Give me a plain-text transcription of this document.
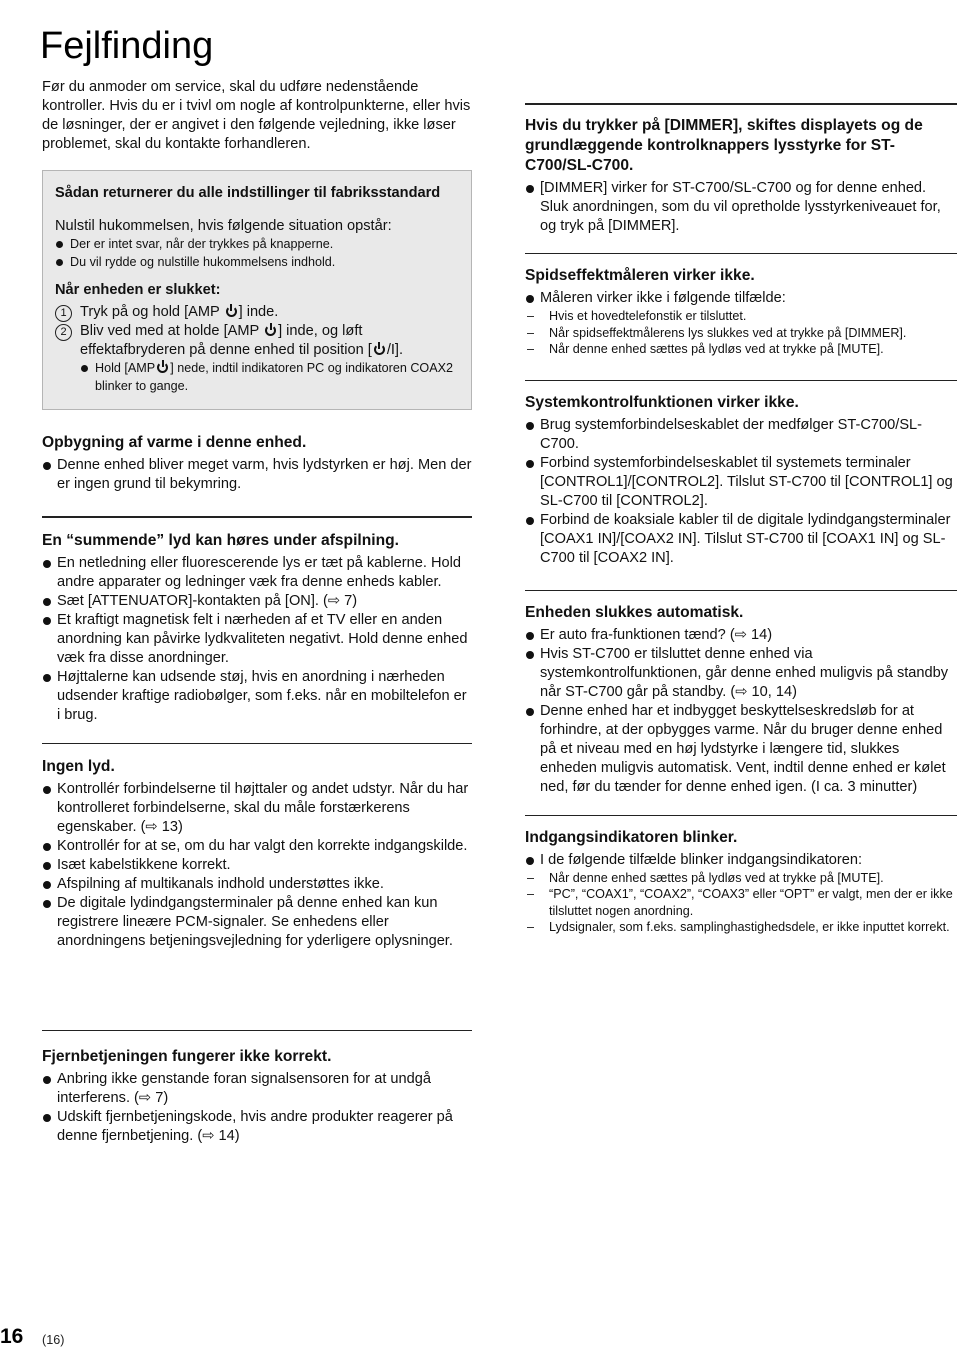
Fejlfinding

Før du anmoder om service, skal du udføre nedenstående kontroller. Hvis du er i tvivl om nogle af kontrolpunkterne, eller hvis de løsninger, der er angivet i den følgende vejledning, ikke løser problemet, skal du kontakte forhandleren.

Sådan returnerer du alle indstillinger til fabriksstandard

Nulstil hukommelsen, hvis følgende situation opstår:
Der er intet svar, når der trykkes på knapperne.
Du vil rydde og nulstille hukommelsens indhold.

Når enheden er slukket:

1 Tryk på og hold [AMP ] inde.
2 Bliv ved med at holde [AMP ] inde, og løft effektafbryderen på denne enhed til position [ /I].
Hold [AMP ] nede, indtil indikatoren PC og indikatoren COAX2 blinker to gange.

Opbygning af varme i denne enhed.

Denne enhed bliver meget varm, hvis lydstyrken er høj. Men der er ingen grund til bekymring.

En “summende” lyd kan høres under afspilning.

En netledning eller fluorescerende lys er tæt på kablerne. Hold andre apparater og ledninger væk fra denne enheds kabler.
Sæt [ATTENUATOR]-kontakten på [ON]. (⇨ 7)
Et kraftigt magnetisk felt i nærheden af et TV eller en anden anordning kan påvirke lydkvaliteten negativt. Hold denne enhed væk fra disse anordninger.
Højttalerne kan udsende støj, hvis en anordning i nærheden udsender kraftige radiobølger, som f.eks. når en mobiltelefon er i brug.

Ingen lyd.

Kontrollér forbindelserne til højttaler og andet udstyr. Når du har kontrolleret forbindelserne, skal du måle forstærkerens egenskaber. (⇨ 13)
Kontrollér for at se, om du har valgt den korrekte indgangskilde.
Isæt kabelstikkene korrekt.
Afspilning af multikanals indhold understøttes ikke.
De digitale lydindgangsterminaler på denne enhed kan kun registrere lineære PCM-signaler. Se enhedens eller anordningens betjeningsvejledning for yderligere oplysninger.

Fjernbetjeningen fungerer ikke korrekt.

Anbring ikke genstande foran signalsensoren for at undgå interferens. (⇨ 7)
Udskift fjernbetjeningskode, hvis andre produkter reagerer på denne fjernbetjening. (⇨ 14)

Hvis du trykker på [DIMMER], skiftes displayets og de grundlæggende kontrolknappers lysstyrke for ST-C700/SL-C700.

[DIMMER] virker for ST-C700/SL-C700 og for denne enhed. Sluk anordningen, som du vil opretholde lysstyrkeniveauet for, og tryk på [DIMMER].

Spidseffektmåleren virker ikke.

Måleren virker ikke i følgende tilfælde:
– Hvis et hovedtelefonstik er tilsluttet.
– Når spidseffektmålerens lys slukkes ved at trykke på [DIMMER].
– Når denne enhed sættes på lydløs ved at trykke på [MUTE].

Systemkontrolfunktionen virker ikke.

Brug systemforbindelseskablet der medfølger ST-C700/SL-C700.
Forbind systemforbindelseskablet til systemets terminaler [CONTROL1]/[CONTROL2]. Tilslut ST-C700 til [CONTROL1] og SL-C700 til [CONTROL2].
Forbind de koaksiale kabler til de digitale lydindgangsterminaler [COAX1 IN]/[COAX2 IN]. Tilslut ST-C700 til [COAX1 IN] og SL-C700 til [COAX2 IN].

Enheden slukkes automatisk.

Er auto fra-funktionen tænd? (⇨ 14)
Hvis ST-C700 er tilsluttet denne enhed via systemkontrolfunktionen, går denne enhed muligvis på standby når ST-C700 går på standby. (⇨ 10, 14)
Denne enhed har et indbygget beskyttelseskredsløb for at forhindre, at der opbygges varme. Når du bruger denne enhed på et niveau med en høj lydstyrke i længere tid, slukkes enheden muligvis automatisk. Vent, indtil denne enhed er kølet ned, før du tænder for denne enhed igen. (I ca. 3 minutter)

Indgangsindikatoren blinker.

I de følgende tilfælde blinker indgangsindikatoren:
– Når denne enhed sættes på lydløs ved at trykke på [MUTE].
– “PC”, “COAX1”, “COAX2”, “COAX3” eller “OPT” er valgt, men der er ikke tilsluttet nogen anordning.
– Lydsignaler, som f.eks. samplinghastighedsdele, er ikke inputtet korrekt.
16 (16)
